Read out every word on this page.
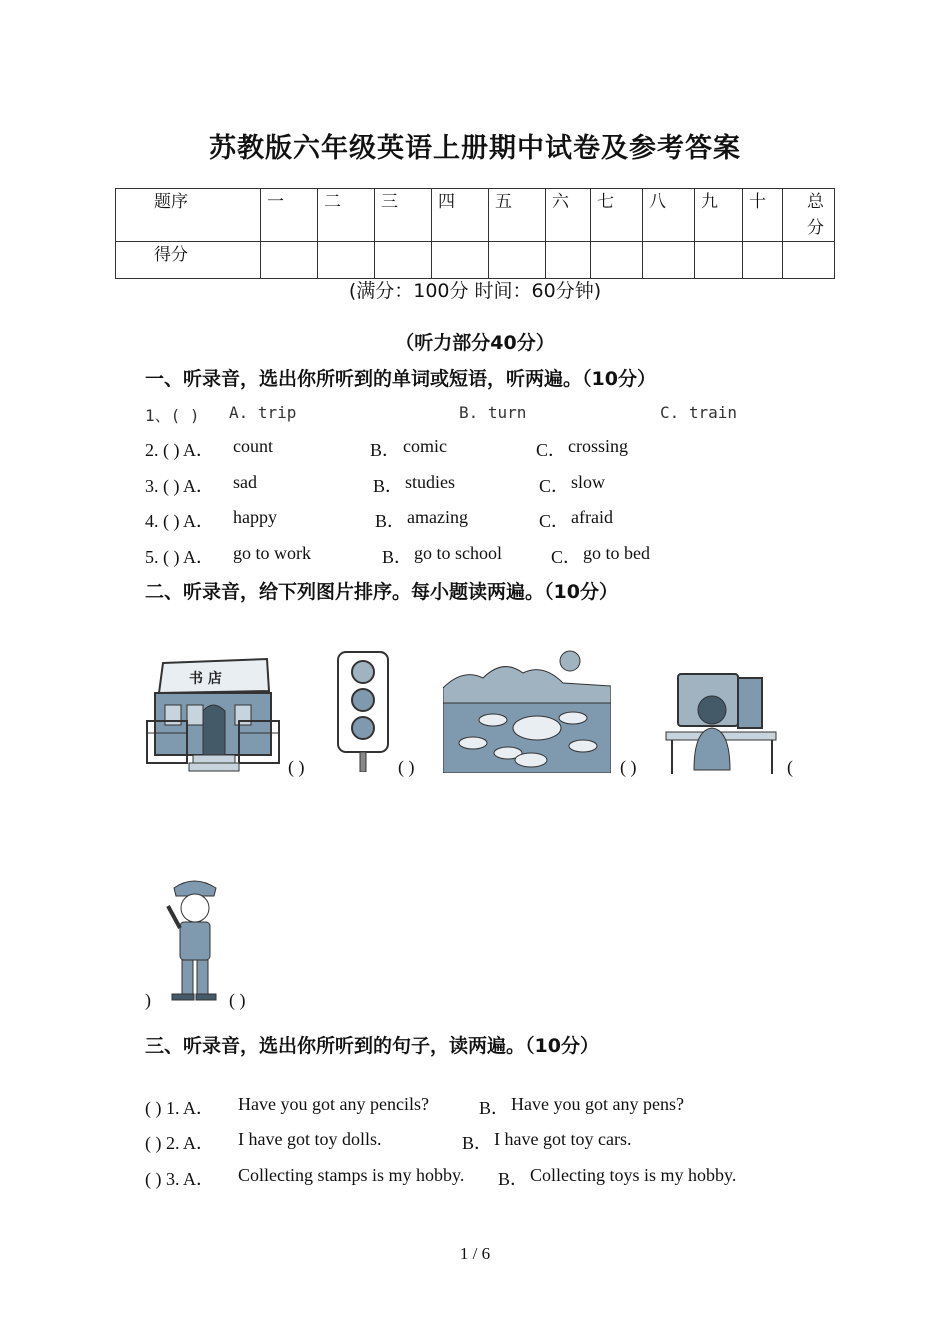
苏教版六年级英语上册期中试卷及参考答案
题序	一	二	三	四	五	六	七	八	九	十	总分
得分											
(满分：100分 时间：60分钟)
（听力部分40分）
一、听录音，选出你所听到的单词或短语，听两遍。（10分）
1、( ) A. trip	B. turn	C. train
2. ( ) A． count	B． comic	C． crossing
3. ( ) A． sad	B． studies	C． slow
4. ( ) A． happy	B． amazing	C． afraid
5. ( ) A． go to work	B． go to school	C． go to bed
二、听录音，给下列图片排序。每小题读两遍。（10分）
书 店
( )	( )	( )	(
)	( )
三、听录音，选出你所听到的句子，读两遍。（10分）
( ) 1. A． Have you got any pencils?	B． Have you got any pens?
( ) 2. A． I have got toy dolls.	B． I have got toy cars.
( ) 3. A． Collecting stamps is my hobby. B． Collecting toys is my hobby.
1 / 6
